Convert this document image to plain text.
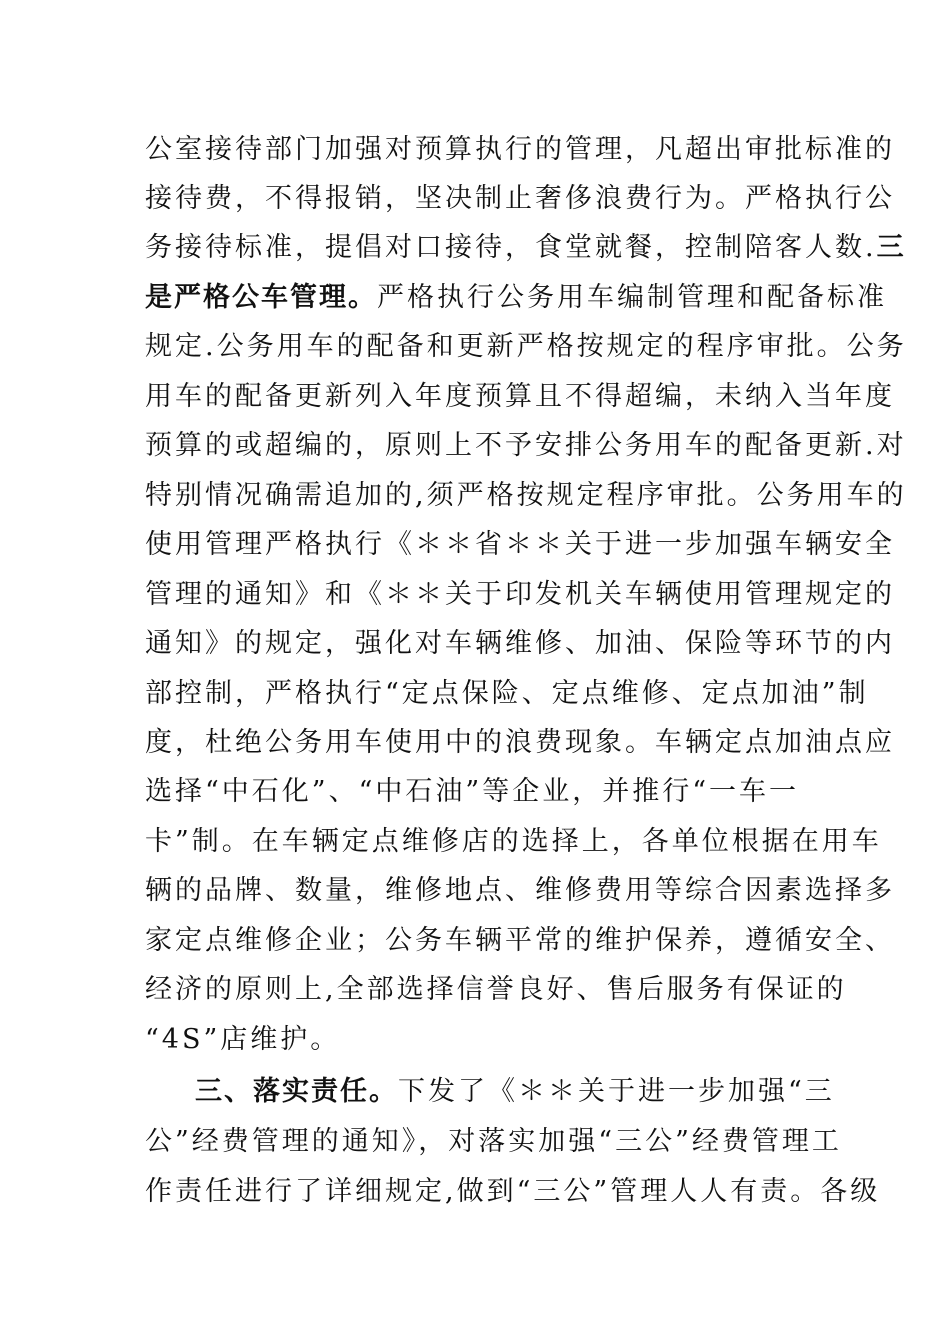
公室接待部门加强对预算执行的管理，凡超出审批标准的
接待费，不得报销，坚决制止奢侈浪费行为。严格执行公
务接待标准，提倡对口接待，食堂就餐，控制陪客人数.三
是严格公车管理。严格执行公务用车编制管理和配备标准
规定.公务用车的配备和更新严格按规定的程序审批。公务
用车的配备更新列入年度预算且不得超编，未纳入当年度
预算的或超编的，原则上不予安排公务用车的配备更新.对
特别情况确需追加的,须严格按规定程序审批。公务用车的
使用管理严格执行《＊＊省＊＊关于进一步加强车辆安全
管理的通知》和《＊＊关于印发机关车辆使用管理规定的
通知》的规定，强化对车辆维修、加油、保险等环节的内
部控制，严格执行“定点保险、定点维修、定点加油”制
度，杜绝公务用车使用中的浪费现象。车辆定点加油点应
选择“中石化”、“中石油”等企业，并推行“一车一
卡”制。在车辆定点维修店的选择上，各单位根据在用车
辆的品牌、数量，维修地点、维修费用等综合因素选择多
家定点维修企业；公务车辆平常的维护保养，遵循安全、
经济的原则上,全部选择信誉良好、售后服务有保证的
“4S”店维护。
三、落实责任。下发了《＊＊关于进一步加强“三
公”经费管理的通知》，对落实加强“三公”经费管理工
作责任进行了详细规定,做到“三公”管理人人有责。各级
